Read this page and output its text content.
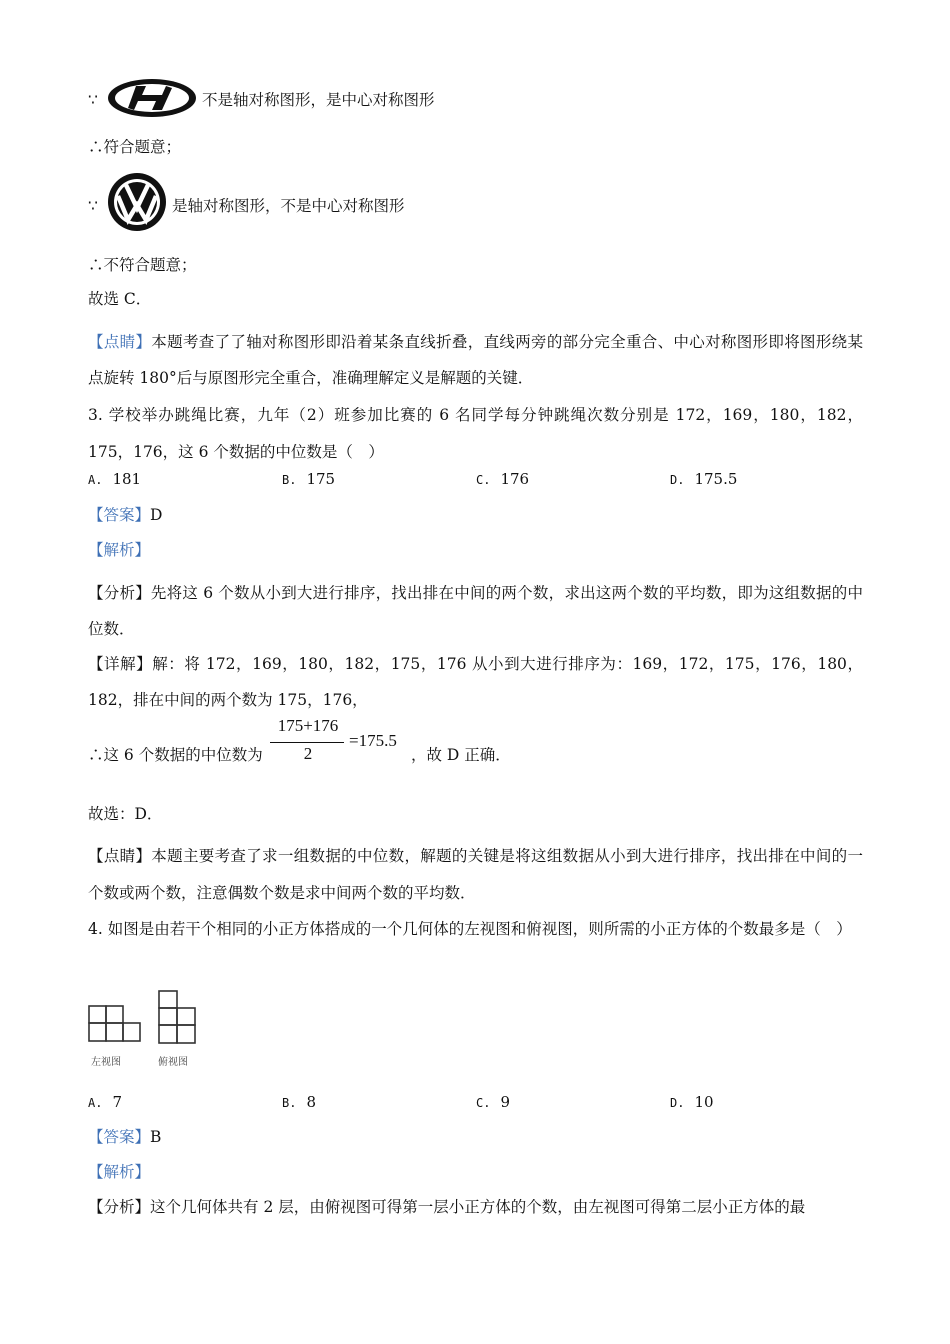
∵	不是轴对称图形，是中心对称图形
∴符合题意；
∵	是轴对称图形，不是中心对称图形
∴不符合题意；
故选 C．
【点睛】本题考查了了轴对称图形即沿着某条直线折叠，直线两旁的部分完全重合、中心对称图形即将图形绕某点旋转 180°后与原图形完全重合，准确理解定义是解题的关键．
3. 学校举办跳绳比赛，九年（2）班参加比赛的 6 名同学每分钟跳绳次数分别是 172，169，180，182，175，176，这 6 个数据的中位数是（　）
A. 181	B. 175	C. 176	D. 175.5
【答案】D
【解析】
【分析】先将这 6 个数从小到大进行排序，找出排在中间的两个数，求出这两个数的平均数，即为这组数据的中位数．
【详解】解：将 172，169，180，182，175，176 从小到大进行排序为：169，172，175，176，180，182，排在中间的两个数为 175，176，
∴这 6 个数据的中位数为
175+176
2
=175.5
，故 D 正确．
故选：D．
【点睛】本题主要考查了求一组数据的中位数，解题的关键是将这组数据从小到大进行排序，找出排在中间的一个数或两个数，注意偶数个数是求中间两个数的平均数．
4. 如图是由若干个相同的小正方体搭成的一个几何体的左视图和俯视图，则所需的小正方体的个数最多是（　）
左视图	俯视图
A. 7	B. 8	C. 9	D. 10
【答案】B
【解析】
【分析】这个几何体共有 2 层，由俯视图可得第一层小正方体的个数，由左视图可得第二层小正方体的最
